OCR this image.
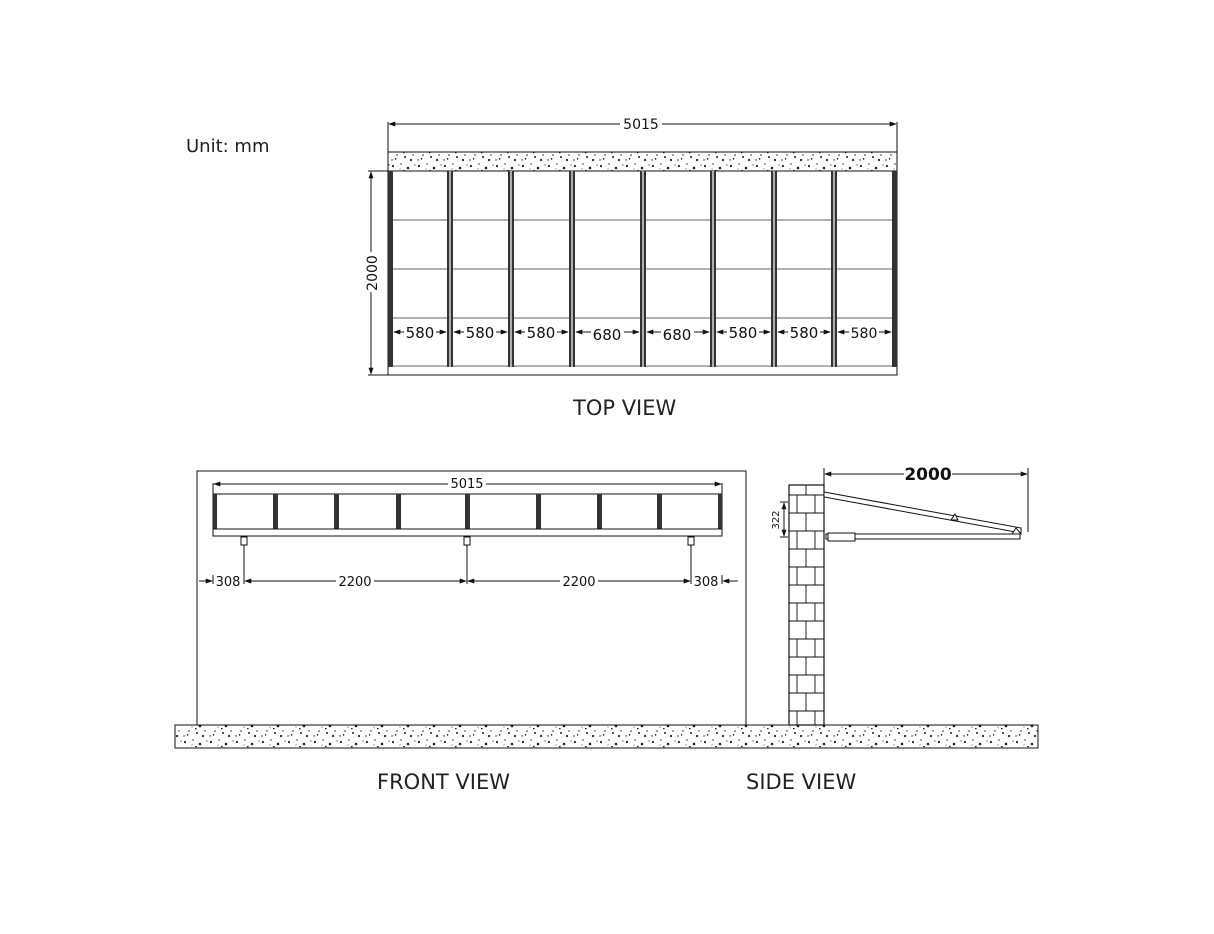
Unit: mm
5015
2000
580 580 580 680	680 580 580 580
5015
308	2200	2200	308
2000
322
TOP VIEW
FRONT VIEW	SIDE VIEW
